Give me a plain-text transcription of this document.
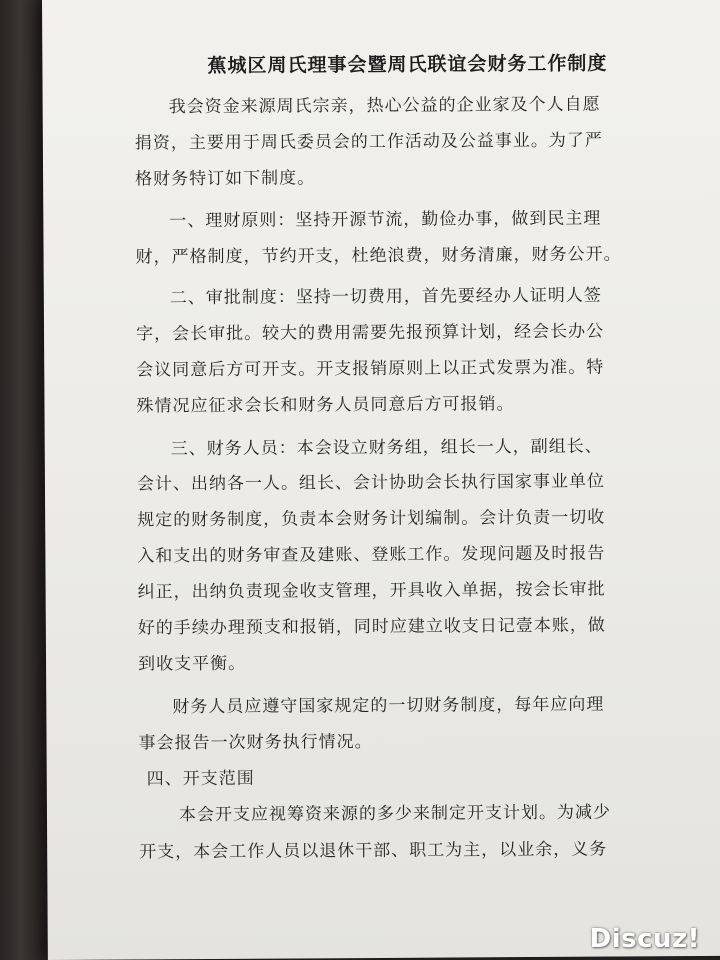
蕉城区周氏理事会暨周氏联谊会财务工作制度
我会资金来源周氏宗亲，热心公益的企业家及个人自愿
捐资，主要用于周氏委员会的工作活动及公益事业。为了严
格财务特订如下制度。
一、理财原则：坚持开源节流，勤俭办事，做到民主理
财，严格制度，节约开支，杜绝浪费，财务清廉，财务公开。
二、审批制度：坚持一切费用，首先要经办人证明人签
字，会长审批。较大的费用需要先报预算计划，经会长办公
会议同意后方可开支。开支报销原则上以正式发票为准。特
殊情况应征求会长和财务人员同意后方可报销。
三、财务人员：本会设立财务组，组长一人，副组长、
会计、出纳各一人。组长、会计协助会长执行国家事业单位
规定的财务制度，负责本会财务计划编制。会计负责一切收
入和支出的财务审查及建账、登账工作。发现问题及时报告
纠正，出纳负责现金收支管理，开具收入单据，按会长审批
好的手续办理预支和报销，同时应建立收支日记壹本账，做
到收支平衡。
财务人员应遵守国家规定的一切财务制度，每年应向理
事会报告一次财务执行情况。
四、开支范围
本会开支应视筹资来源的多少来制定开支计划。为减少
开支，本会工作人员以退休干部、职工为主，以业余，义务
Discuz!
